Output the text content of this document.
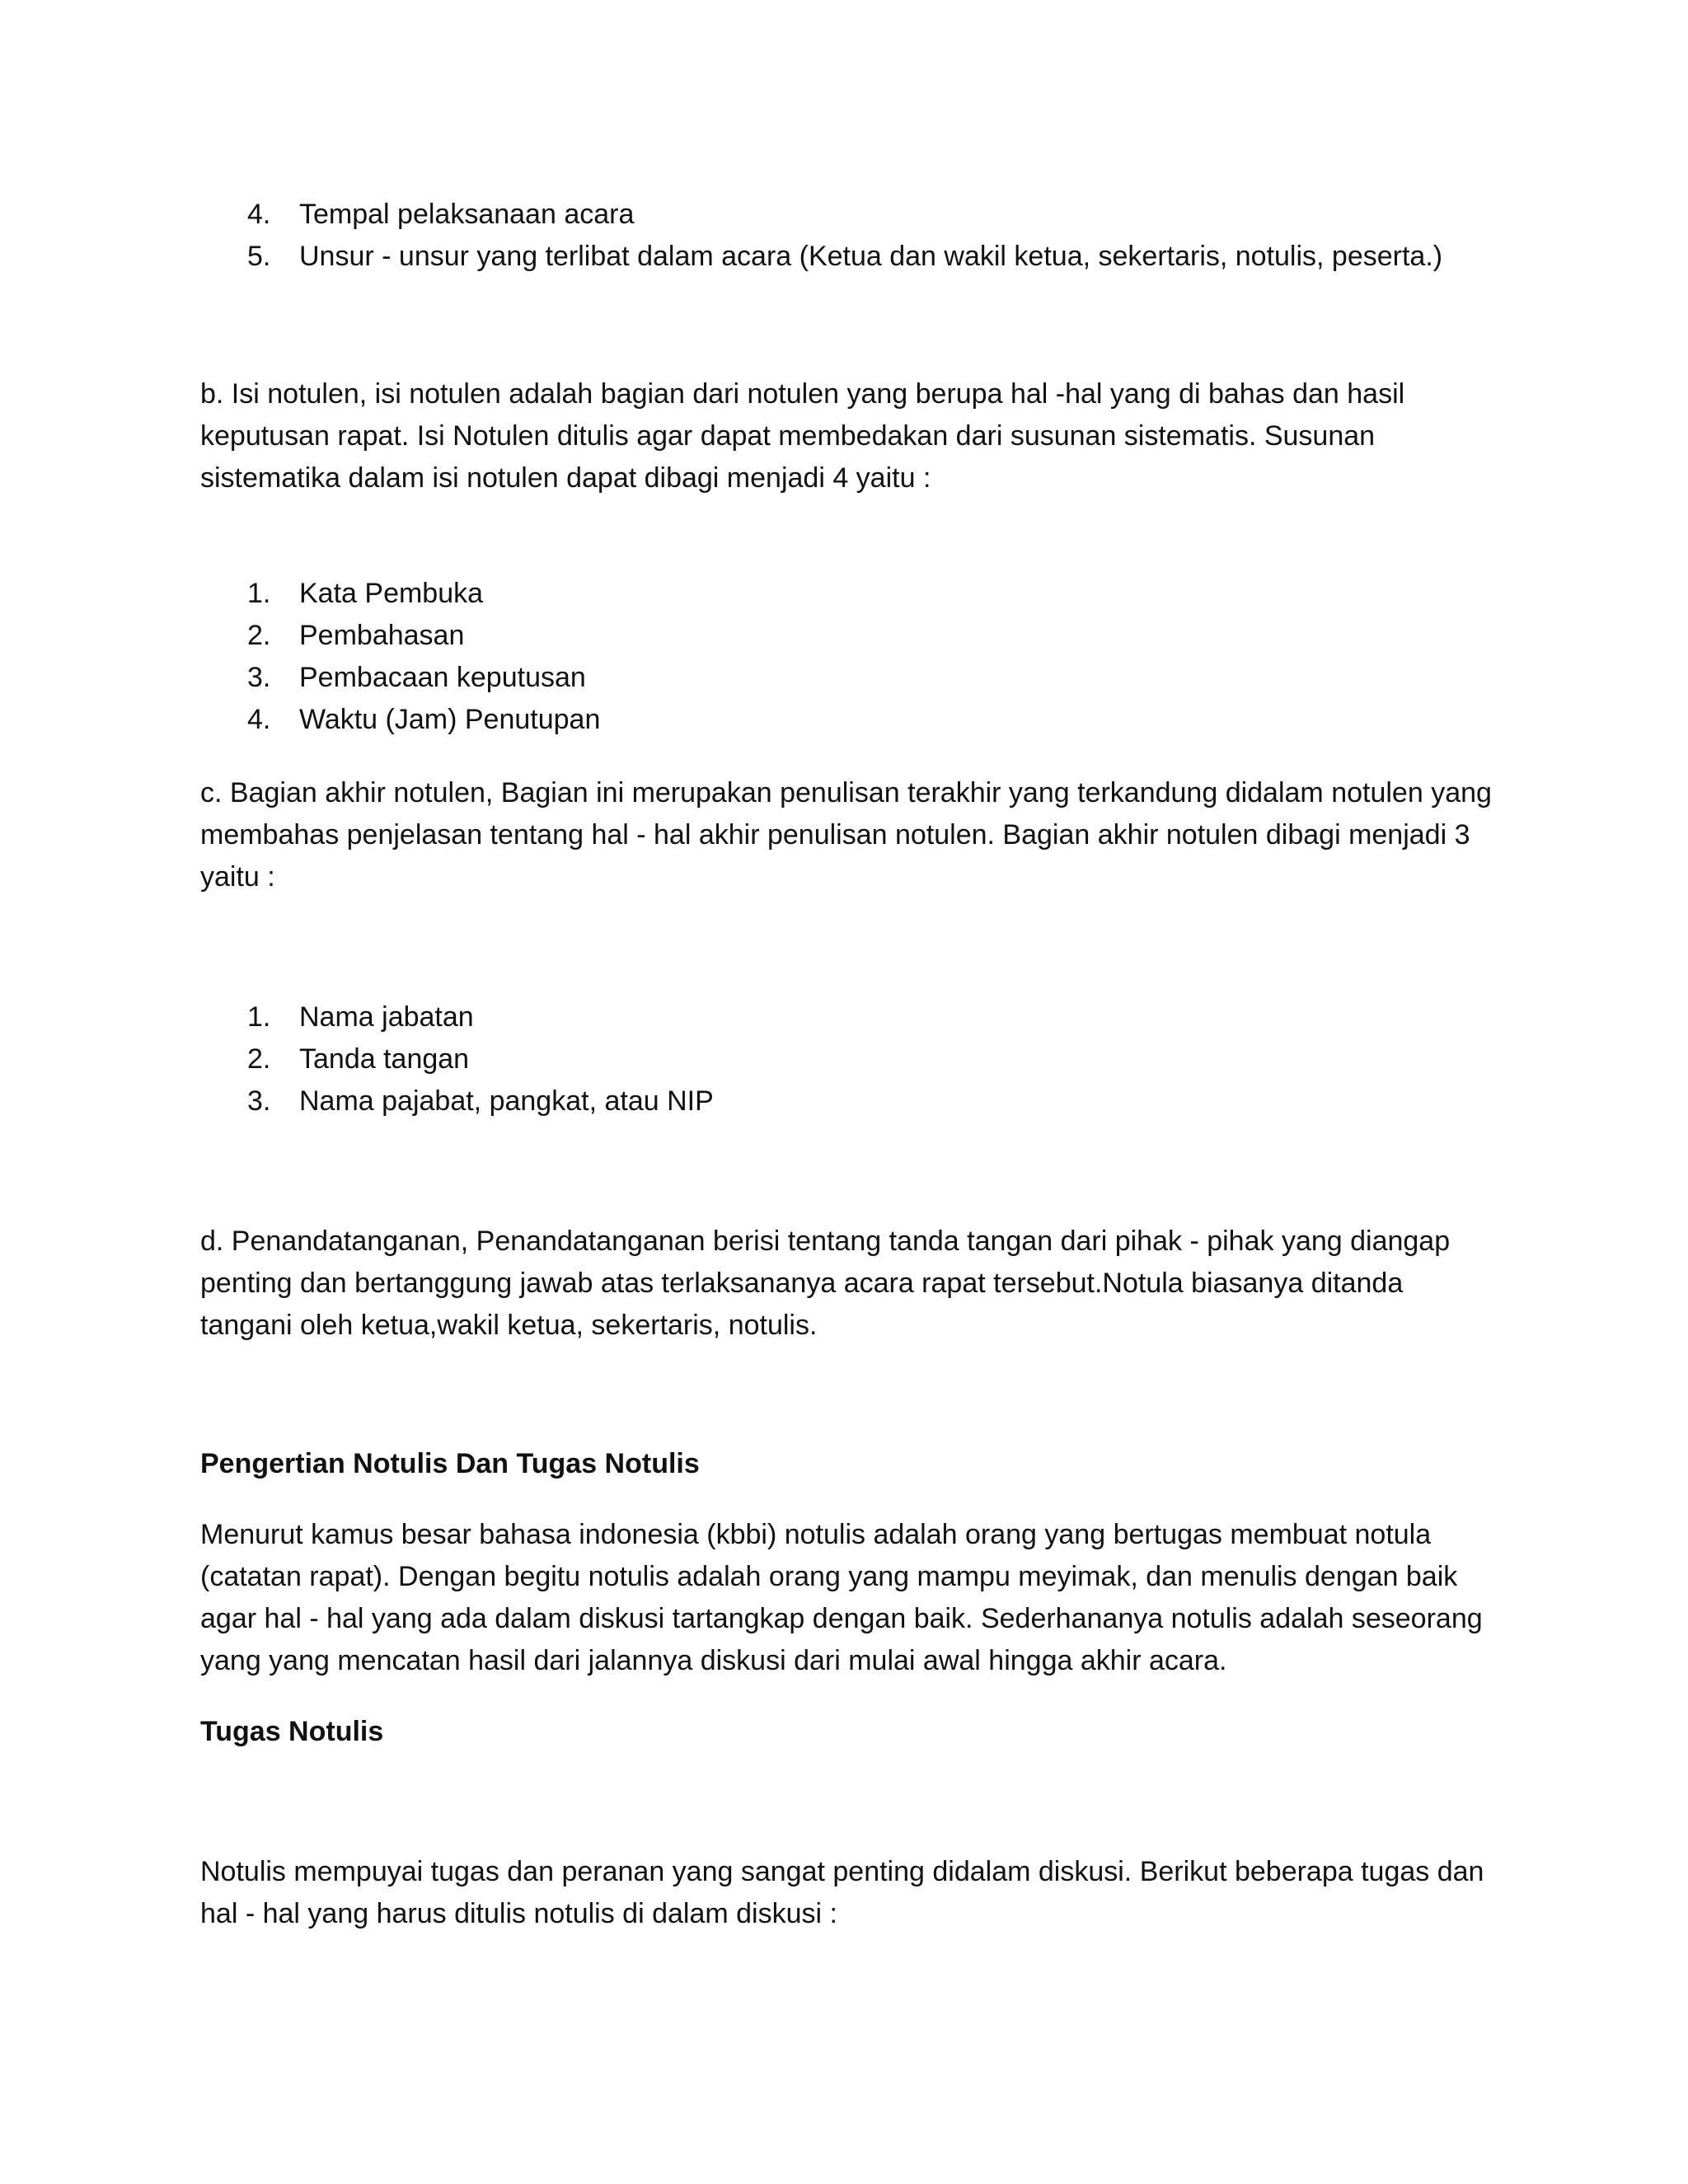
4. Tempal pelaksanaan acara
5. Unsur - unsur yang terlibat dalam acara (Ketua dan wakil ketua, sekertaris, notulis, peserta.)
b. Isi notulen, isi notulen adalah bagian dari notulen yang berupa hal -hal yang di bahas dan hasil
keputusan rapat. Isi Notulen ditulis agar dapat membedakan dari susunan sistematis. Susunan
sistematika dalam isi notulen dapat dibagi menjadi 4 yaitu :
1. Kata Pembuka
2. Pembahasan
3. Pembacaan keputusan
4. Waktu (Jam) Penutupan
c. Bagian akhir notulen, Bagian ini merupakan penulisan terakhir yang terkandung didalam notulen yang
membahas penjelasan tentang hal - hal akhir penulisan notulen. Bagian akhir notulen dibagi menjadi 3
yaitu :
1. Nama jabatan
2. Tanda tangan
3. Nama pajabat, pangkat, atau NIP
d. Penandatanganan, Penandatanganan berisi tentang tanda tangan dari pihak - pihak yang diangap
penting dan bertanggung jawab atas terlaksananya acara rapat tersebut.Notula biasanya ditanda
tangani oleh ketua,wakil ketua, sekertaris, notulis.
Pengertian Notulis Dan Tugas Notulis
Menurut kamus besar bahasa indonesia (kbbi) notulis adalah orang yang bertugas membuat notula
(catatan rapat). Dengan begitu notulis adalah orang yang mampu meyimak, dan menulis dengan baik
agar hal - hal yang ada dalam diskusi tartangkap dengan baik. Sederhananya notulis adalah seseorang
yang yang mencatan hasil dari jalannya diskusi dari mulai awal hingga akhir acara.
Tugas Notulis
Notulis mempuyai tugas dan peranan yang sangat penting didalam diskusi. Berikut beberapa tugas dan
hal - hal yang harus ditulis notulis di dalam diskusi :
